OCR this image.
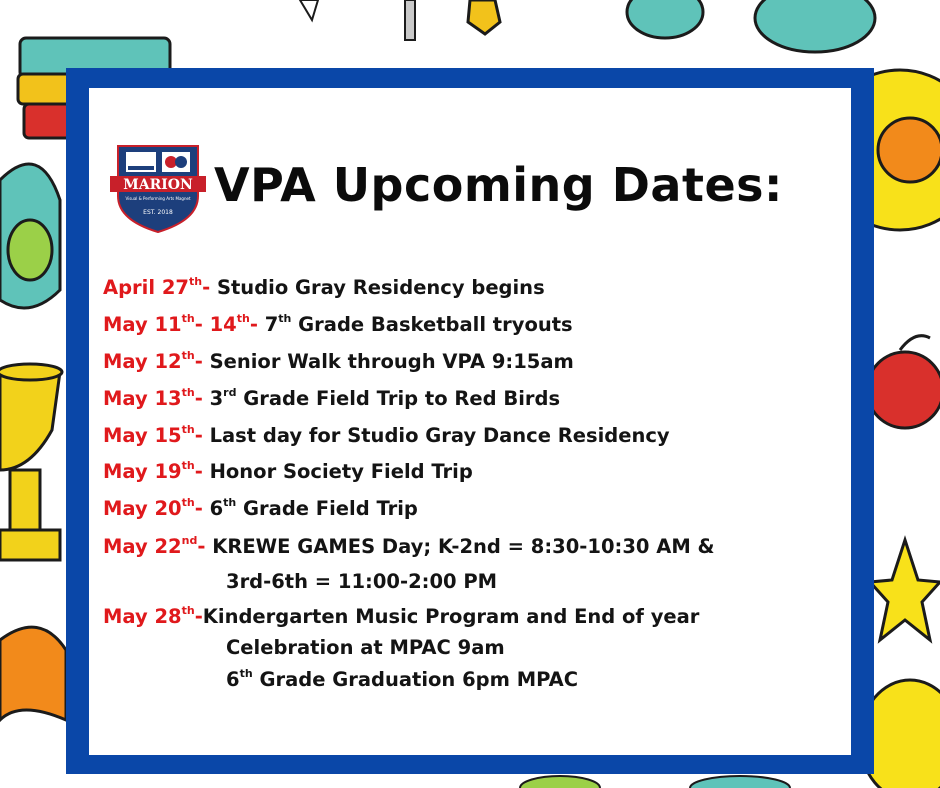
MARION
Visual & Performing Arts Magnet
EST. 2018
VPA Upcoming Dates:

April 27th- Studio Gray Residency begins

May 11th- 14th- 7th Grade Basketball tryouts

May 12th- Senior Walk through VPA 9:15am

May 13th- 3rd Grade Field Trip to Red Birds

May 15th- Last day for Studio Gray Dance Residency

May 19th- Honor Society Field Trip

May 20th- 6th Grade Field Trip

May 22nd- KREWE GAMES Day; K-2nd = 8:30-10:30 AM &

3rd-6th = 11:00-2:00 PM

May 28th-Kindergarten Music Program and End of year

Celebration at MPAC 9am

6th Grade Graduation 6pm MPAC
